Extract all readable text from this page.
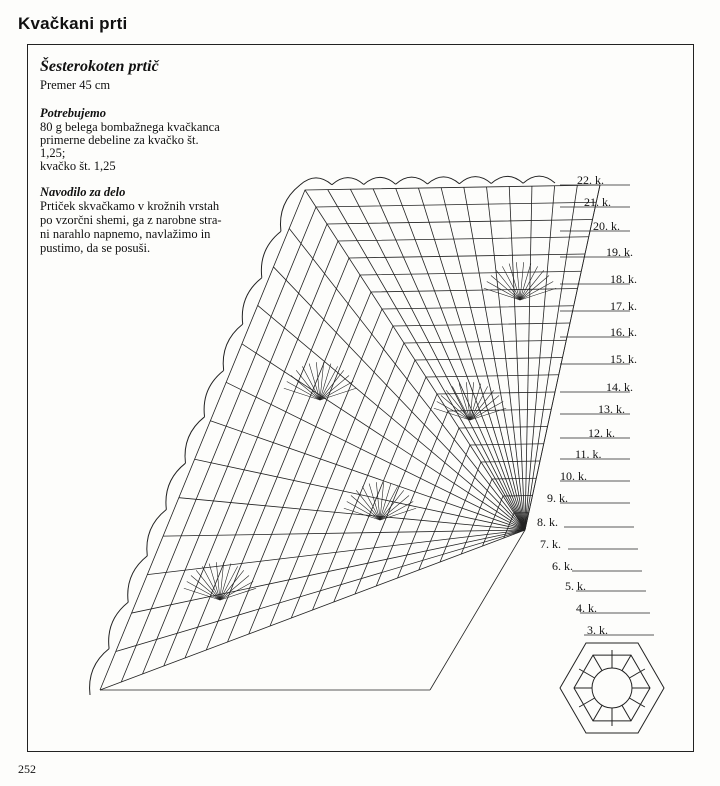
Kvačkani prti
Šesterokoten prtič
Premer 45 cm
Potrebujemo
80 g belega bombažnega kvačkanca
primerne debeline za kvačko št.
1,25;
kvačko št. 1,25
Navodilo za delo
Prtiček skvačkamo v krožnih vrstah
po vzorčni shemi, ga z narobne stra-
ni narahlo napnemo, navlažimo in
pustimo, da se posuši.
22. k.
21. k.
20. k.
19. k.
18. k.
17. k.
16. k.
15. k.
14. k.
13. k.
12. k.
11. k.
10. k.
9. k.
8. k.
7. k.
6. k.
5. k.
4. k.
3. k.
252
